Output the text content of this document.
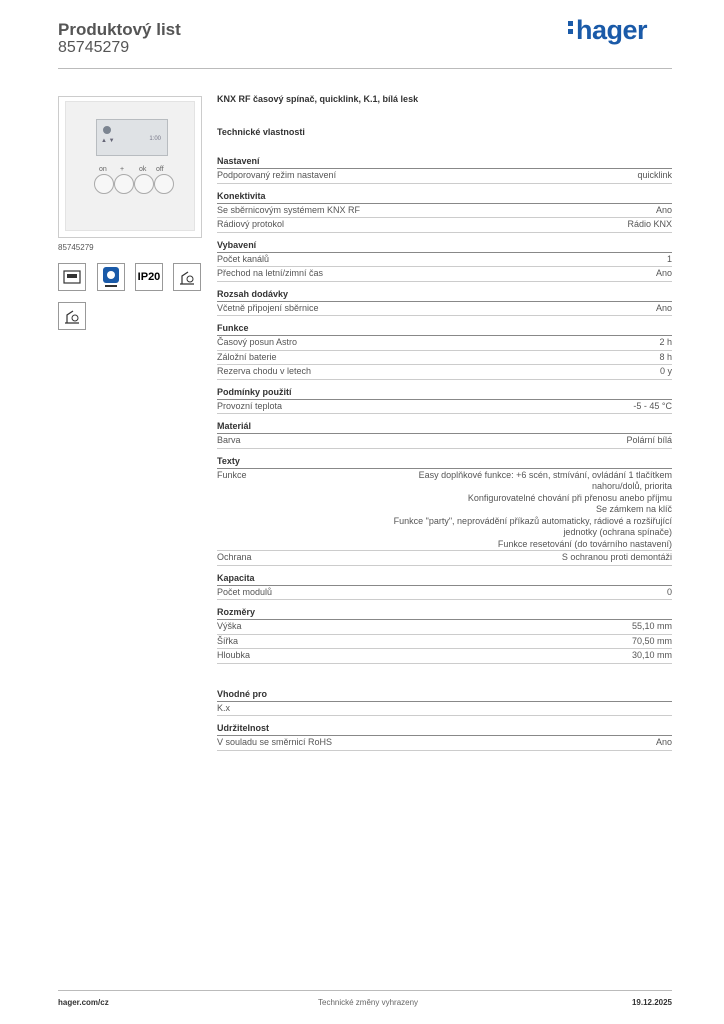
Produktový list
85745279
hager
▲ ▼	1:00
on + ok off
85745279
IP20
KNX RF časový spínač, quicklink, K.1, bílá lesk
Technické vlastnosti
Nastavení
Podporovaný režim nastavení	quicklink
Konektivita
Se sběrnicovým systémem KNX RF	Ano
Rádiový protokol	Rádio KNX
Vybavení
Počet kanálů	1
Přechod na letní/zimní čas	Ano
Rozsah dodávky
Včetně připojení sběrnice	Ano
Funkce
Časový posun Astro	2 h
Záložní baterie	8 h
Rezerva chodu v letech	0 y
Podmínky použití
Provozní teplota	-5 - 45 °C
Materiál
Barva	Polární bílá
Texty
Funkce	Easy doplňkové funkce: +6 scén, stmívání, ovládání 1 tlačítkem nahoru/dolů, priorita
Konfigurovatelné chování při přenosu anebo příjmu
Se zámkem na klíč
Funkce "party", neprovádění příkazů automaticky, rádiové a rozšiřující jednotky (ochrana spínače)
Funkce resetování (do továrního nastavení)
Ochrana	S ochranou proti demontáži
Kapacita
Počet modulů	0
Rozměry
Výška	55,10 mm
Šířka	70,50 mm
Hloubka	30,10 mm
Vhodné pro
K.x
Udržitelnost
V souladu se směrnicí RoHS	Ano
hager.com/cz	Technické změny vyhrazeny	19.12.2025
